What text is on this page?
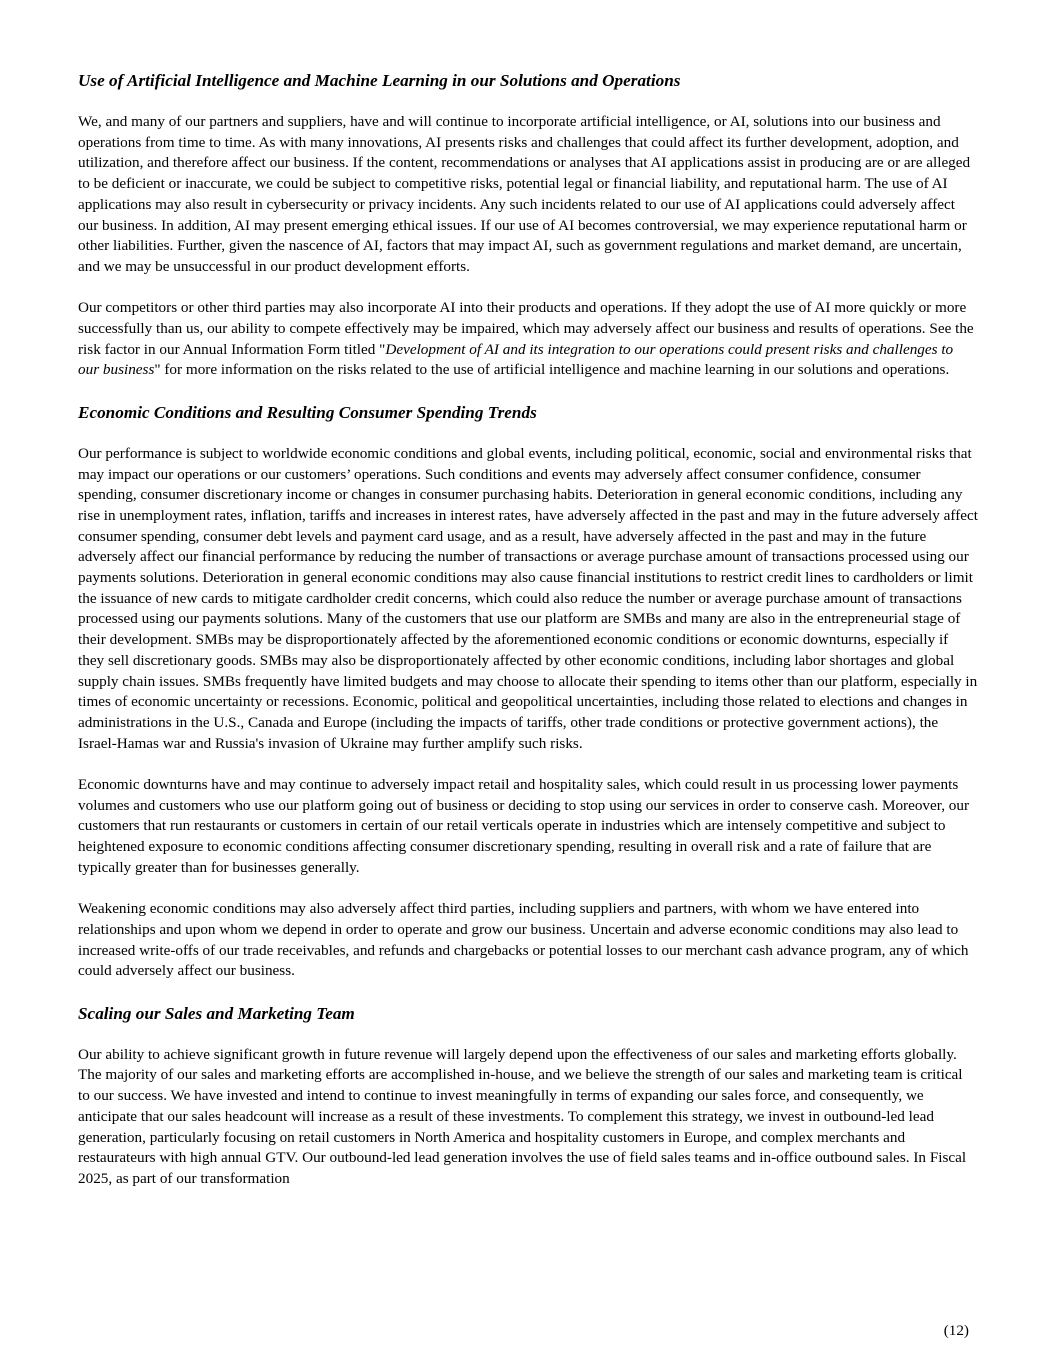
Use of Artificial Intelligence and Machine Learning in our Solutions and Operations

We, and many of our partners and suppliers, have and will continue to incorporate artificial intelligence, or AI, solutions into our business and operations from time to time. As with many innovations, AI presents risks and challenges that could affect its further development, adoption, and utilization, and therefore affect our business. If the content, recommendations or analyses that AI applications assist in producing are or are alleged to be deficient or inaccurate, we could be subject to competitive risks, potential legal or financial liability, and reputational harm. The use of AI applications may also result in cybersecurity or privacy incidents. Any such incidents related to our use of AI applications could adversely affect our business. In addition, AI may present emerging ethical issues. If our use of AI becomes controversial, we may experience reputational harm or other liabilities. Further, given the nascence of AI, factors that may impact AI, such as government regulations and market demand, are uncertain, and we may be unsuccessful in our product development efforts.

Our competitors or other third parties may also incorporate AI into their products and operations. If they adopt the use of AI more quickly or more successfully than us, our ability to compete effectively may be impaired, which may adversely affect our business and results of operations. See the risk factor in our Annual Information Form titled "Development of AI and its integration to our operations could present risks and challenges to our business" for more information on the risks related to the use of artificial intelligence and machine learning in our solutions and operations.

Economic Conditions and Resulting Consumer Spending Trends

Our performance is subject to worldwide economic conditions and global events, including political, economic, social and environmental risks that may impact our operations or our customers’ operations. Such conditions and events may adversely affect consumer confidence, consumer spending, consumer discretionary income or changes in consumer purchasing habits. Deterioration in general economic conditions, including any rise in unemployment rates, inflation, tariffs and increases in interest rates, have adversely affected in the past and may in the future adversely affect consumer spending, consumer debt levels and payment card usage, and as a result, have adversely affected in the past and may in the future adversely affect our financial performance by reducing the number of transactions or average purchase amount of transactions processed using our payments solutions. Deterioration in general economic conditions may also cause financial institutions to restrict credit lines to cardholders or limit the issuance of new cards to mitigate cardholder credit concerns, which could also reduce the number or average purchase amount of transactions processed using our payments solutions. Many of the customers that use our platform are SMBs and many are also in the entrepreneurial stage of their development. SMBs may be disproportionately affected by the aforementioned economic conditions or economic downturns, especially if they sell discretionary goods. SMBs may also be disproportionately affected by other economic conditions, including labor shortages and global supply chain issues. SMBs frequently have limited budgets and may choose to allocate their spending to items other than our platform, especially in times of economic uncertainty or recessions. Economic, political and geopolitical uncertainties, including those related to elections and changes in administrations in the U.S., Canada and Europe (including the impacts of tariffs, other trade conditions or protective government actions), the Israel-Hamas war and Russia's invasion of Ukraine may further amplify such risks.

Economic downturns have and may continue to adversely impact retail and hospitality sales, which could result in us processing lower payments volumes and customers who use our platform going out of business or deciding to stop using our services in order to conserve cash. Moreover, our customers that run restaurants or customers in certain of our retail verticals operate in industries which are intensely competitive and subject to heightened exposure to economic conditions affecting consumer discretionary spending, resulting in overall risk and a rate of failure that are typically greater than for businesses generally.

Weakening economic conditions may also adversely affect third parties, including suppliers and partners, with whom we have entered into relationships and upon whom we depend in order to operate and grow our business. Uncertain and adverse economic conditions may also lead to increased write-offs of our trade receivables, and refunds and chargebacks or potential losses to our merchant cash advance program, any of which could adversely affect our business.

Scaling our Sales and Marketing Team

Our ability to achieve significant growth in future revenue will largely depend upon the effectiveness of our sales and marketing efforts globally. The majority of our sales and marketing efforts are accomplished in-house, and we believe the strength of our sales and marketing team is critical to our success. We have invested and intend to continue to invest meaningfully in terms of expanding our sales force, and consequently, we anticipate that our sales headcount will increase as a result of these investments. To complement this strategy, we invest in outbound-led lead generation, particularly focusing on retail customers in North America and hospitality customers in Europe, and complex merchants and restaurateurs with high annual GTV. Our outbound-led lead generation involves the use of field sales teams and in-office outbound sales. In Fiscal 2025, as part of our transformation

(12)
